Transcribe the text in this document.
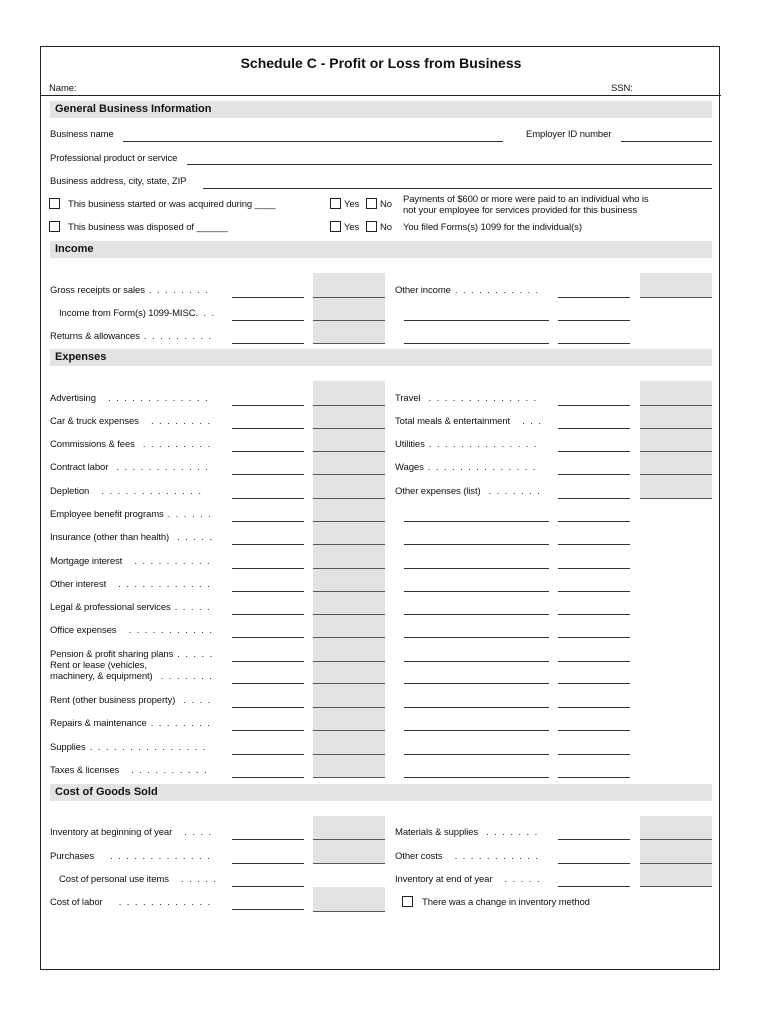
Schedule C - Profit or Loss from Business
Name:	SSN:
General Business Information
Business name	Employer ID number
Professional product or service
Business address, city, state, ZIP
This business started or was acquired during ____	Yes No Payments of $600 or more were paid to an individual who is
not your employee for services provided for this business
This business was disposed of ______	Yes No You filed Forms(s) 1099 for the individual(s)
Income
Gross receipts or sales . . . . . . . .
Income from Form(s) 1099-MISC. . .
Returns & allowances . . . . . . . . .
Other income . . . . . . . . . . .
Expenses
Advertising   . . . . . . . . . . . . .
Car & truck expenses   . . . . . . . .
Commissions & fees  . . . . . . . . .
Contract labor  . . . . . . . . . . . .
Depletion   . . . . . . . . . . . . .
Employee benefit programs . . . . . .
Insurance (other than health)  . . . . .
Mortgage interest   . . . . . . . . . .
Other interest   . . . . . . . . . . . .
Legal & professional services . . . . .
Office expenses   . . . . . . . . . . .
Pension & profit sharing plans . . . . .
Rent or lease (vehicles,
machinery, & equipment)  . . . . . . .
Rent (other business property)  . . . .
Repairs & maintenance . . . . . . . .
Supplies . . . . . . . . . . . . . . .
Taxes & licenses   . . . . . . . . . .
Travel  . . . . . . . . . . . . . .
Total meals & entertainment   . . .
Utilities . . . . . . . . . . . . . .
Wages . . . . . . . . . . . . . .
Other expenses (list)  . . . . . . .
Cost of Goods Sold
Inventory at beginning of year   . . . .
Purchases    . . . . . . . . . . . . .
Cost of personal use items   . . . . .
Cost of labor    . . . . . . . . . . . .
Materials & supplies  . . . . . . .
Other costs   . . . . . . . . . . .
Inventory at end of year   . . . . .
There was a change in inventory method
